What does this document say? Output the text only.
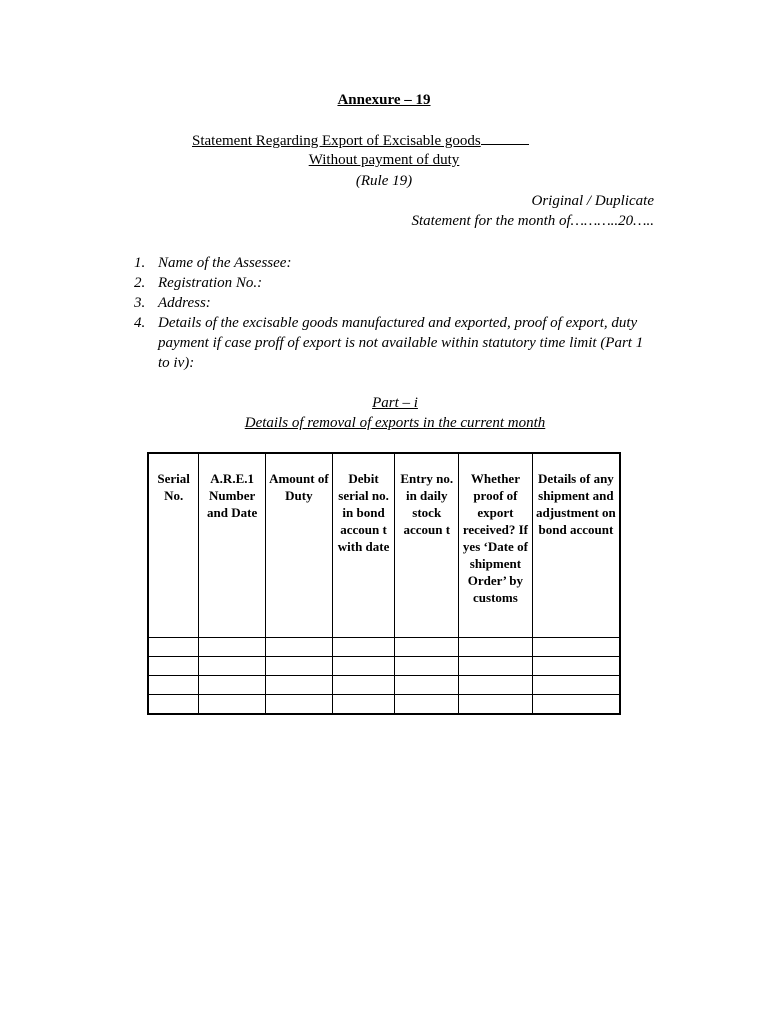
Annexure – 19
Statement Regarding Export of Excisable goods
Without payment of duty
(Rule 19)
Original / Duplicate
Statement for the month of………..20…..
1. Name of the Assessee:
2. Registration No.:
3. Address:
4. Details of the excisable goods manufactured and exported, proof of export, duty payment if case proff of export is not available within statutory time limit (Part 1 to iv):
Part – i
Details of removal of exports in the current month
Serial No.	A.R.E.1 Number and Date	Amount of Duty	Debit serial no. in bond accoun t with date	Entry no. in daily stock accoun t	Whether proof of export received? If yes ‘Date of shipment Order’ by customs	Details of any shipment and adjustment on bond account
